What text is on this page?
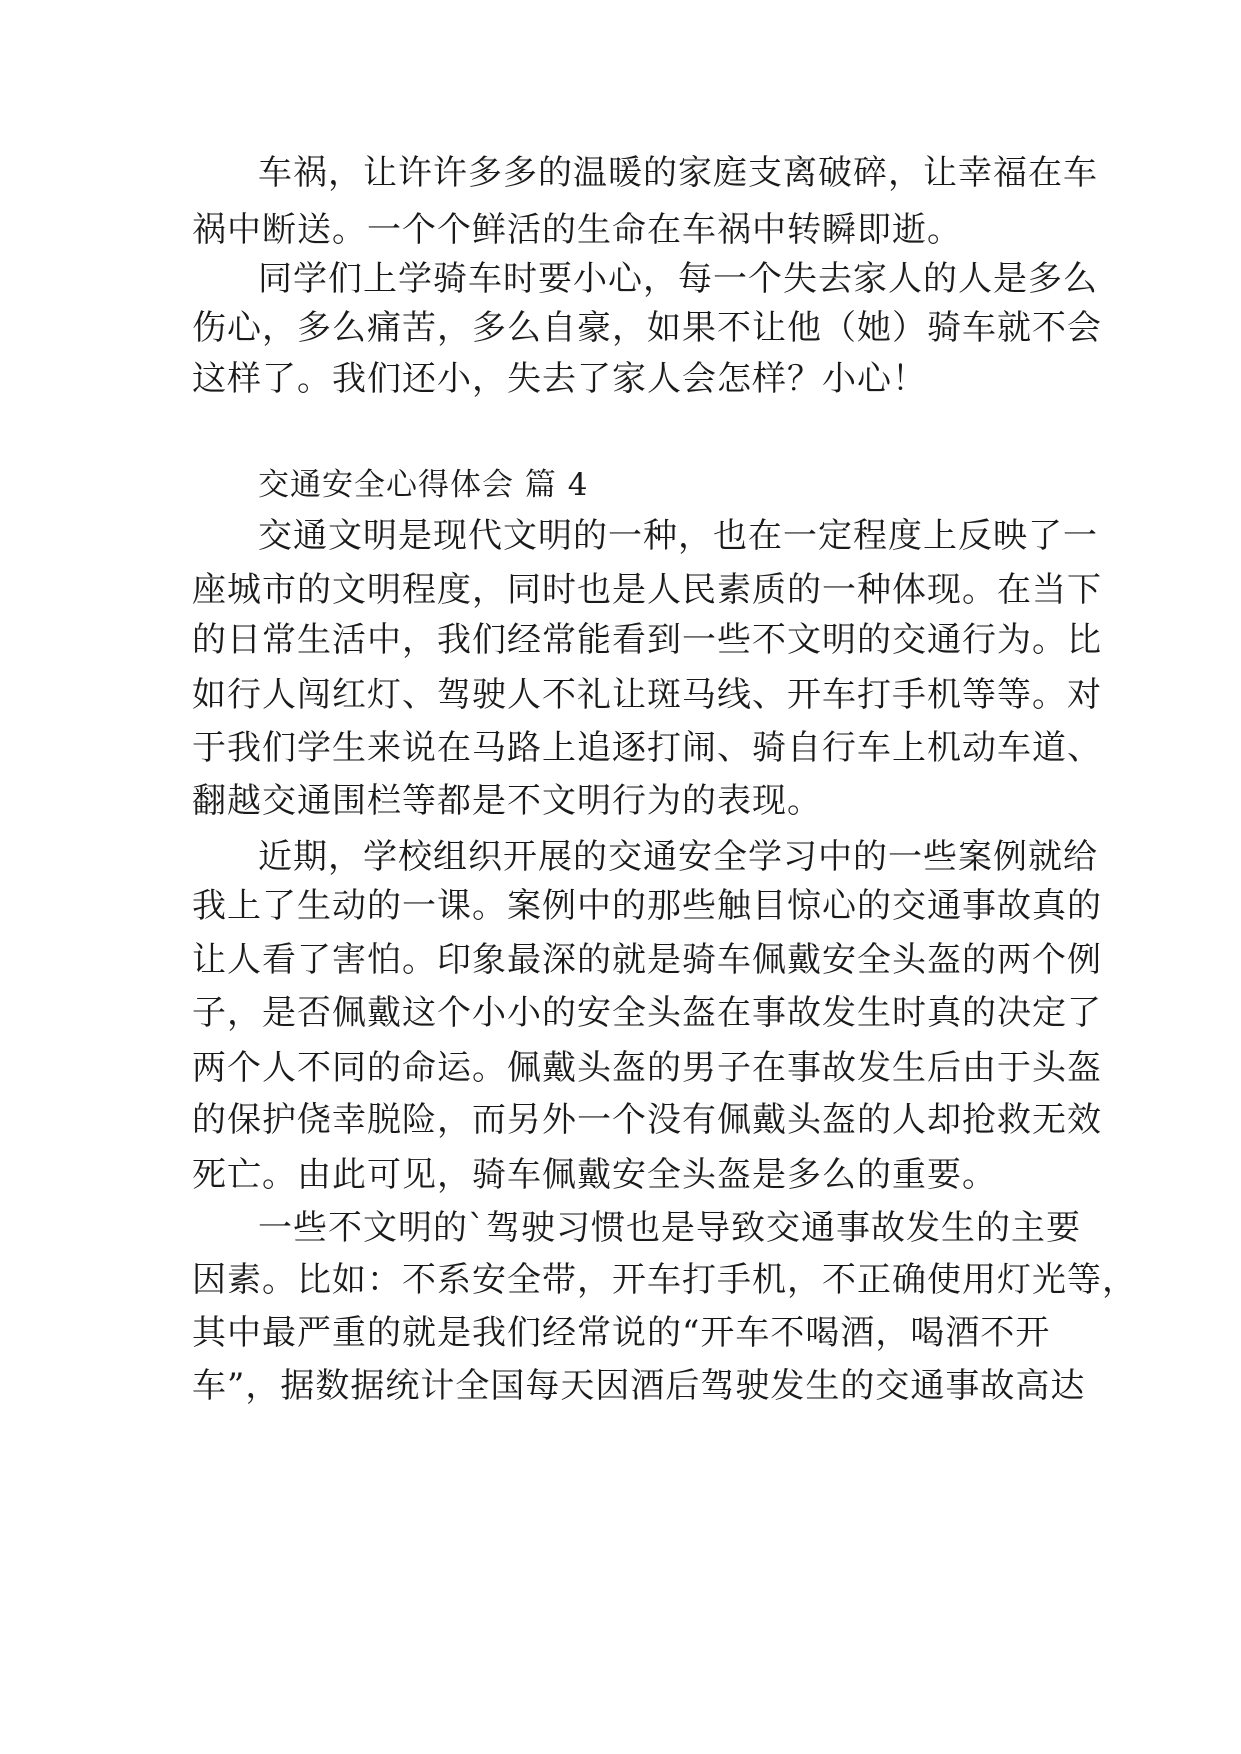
车祸，让许许多多的温暖的家庭支离破碎，让幸福在车
祸中断送。一个个鲜活的生命在车祸中转瞬即逝。
同学们上学骑车时要小心，每一个失去家人的人是多么
伤心，多么痛苦，多么自豪，如果不让他（她）骑车就不会
这样了。我们还小，失去了家人会怎样？小心！
交通安全心得体会 篇 4
交通文明是现代文明的一种，也在一定程度上反映了一
座城市的文明程度，同时也是人民素质的一种体现。在当下
的日常生活中，我们经常能看到一些不文明的交通行为。比
如行人闯红灯、驾驶人不礼让斑马线、开车打手机等等。对
于我们学生来说在马路上追逐打闹、骑自行车上机动车道、
翻越交通围栏等都是不文明行为的表现。
近期，学校组织开展的交通安全学习中的一些案例就给
我上了生动的一课。案例中的那些触目惊心的交通事故真的
让人看了害怕。印象最深的就是骑车佩戴安全头盔的两个例
子，是否佩戴这个小小的安全头盔在事故发生时真的决定了
两个人不同的命运。佩戴头盔的男子在事故发生后由于头盔
的保护侥幸脱险，而另外一个没有佩戴头盔的人却抢救无效
死亡。由此可见，骑车佩戴安全头盔是多么的重要。
一些不文明的`驾驶习惯也是导致交通事故发生的主要
因素。比如：不系安全带，开车打手机，不正确使用灯光等，
其中最严重的就是我们经常说的“开车不喝酒，喝酒不开
车”，据数据统计全国每天因酒后驾驶发生的交通事故高达
